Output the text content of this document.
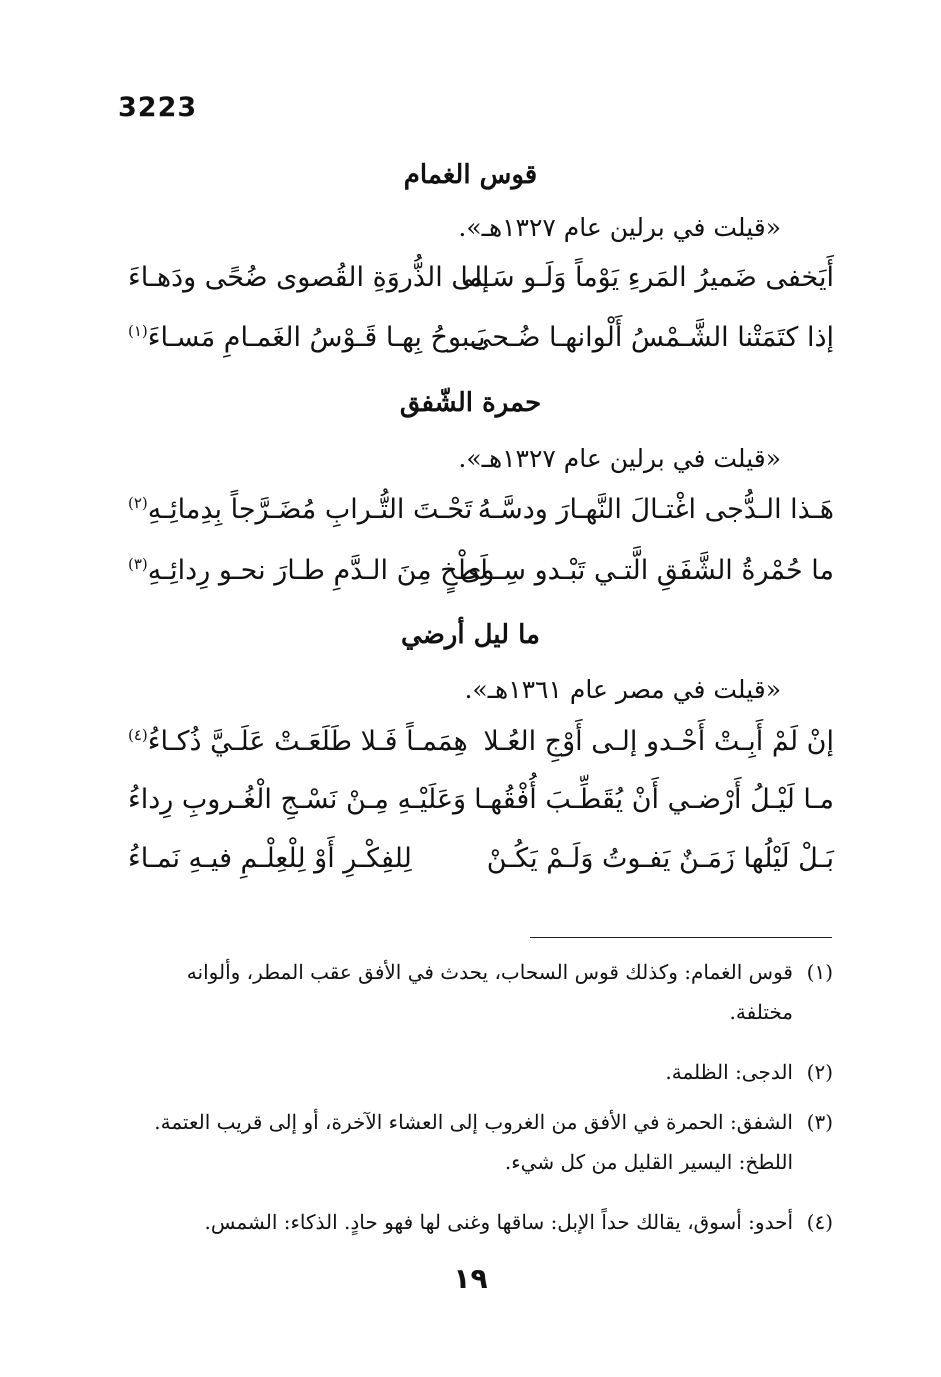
3223
قوس الغمام
«قيلت في برلين عام ١٣٢٧هـ».
أَيَخفى ضَميرُ المَرءِ يَوْماً وَلَـو سَـما
إلى الذُّروَةِ القُصوى ضُحًى ودَهـاءَ
إذا كتَمَتْنا الشَّـمْسُ أَلْوانهـا ضُـحى
يَـبوحُ بِهـا قَـوْسُ الغَمـامِ مَسـاءَ$^{(١)}$
حمرة الشّفق
«قيلت في برلين عام ١٣٢٧هـ».
هَـذا الـدُّجى اغْتـالَ النَّهـارَ ودسَّـهُ
تَحْـتَ التُّـرابِ مُضَـرَّجاً بِدِمائِـهِ$^{(٢)}$
ما حُمْرةُ الشَّفَقِ الَّتـي تَبْـدو سِـوى
لَطْخٍ مِنَ الـدَّمِ طـارَ نحـو رِدائِـهِ$^{(٣)}$
ما ليل أرضي
«قيلت في مصر عام ١٣٦١هـ».
إنْ لَمْ أَبِـتْ أَحْـدو إلـى أَوْجِ العُـلا
هِمَمـاً فَـلا طَلَعَـتْ عَلَـيَّ ذُكـاءُ$^{(٤)}$
مـا لَيْـلُ أَرْضـي أَنْ يُقَطِّـبَ أُفْقُهـا
وَعَلَيْـهِ مِـنْ نَسْـجِ الْغُـروبِ رِداءُ
بَـلْ لَيْلُها زَمَـنٌ يَفـوتُ وَلَـمْ يَكُـنْ
لِلفِكْـرِ أَوْ لِلْعِلْـمِ فيـهِ نَمـاءُ
(١)قوس الغمام: وكذلك قوس السحاب، يحدث في الأفق عقب المطر، وألوانه
مختلفة.
(٢)الدجى: الظلمة.
(٣)الشفق: الحمرة في الأفق من الغروب إلى العشاء الآخرة، أو إلى قريب العتمة.
اللطخ: اليسير القليل من كل شيء.
(٤)أحدو: أسوق، يقالك حداً الإبل: ساقها وغنى لها فهو حادٍ. الذكاء: الشمس.
١٩
